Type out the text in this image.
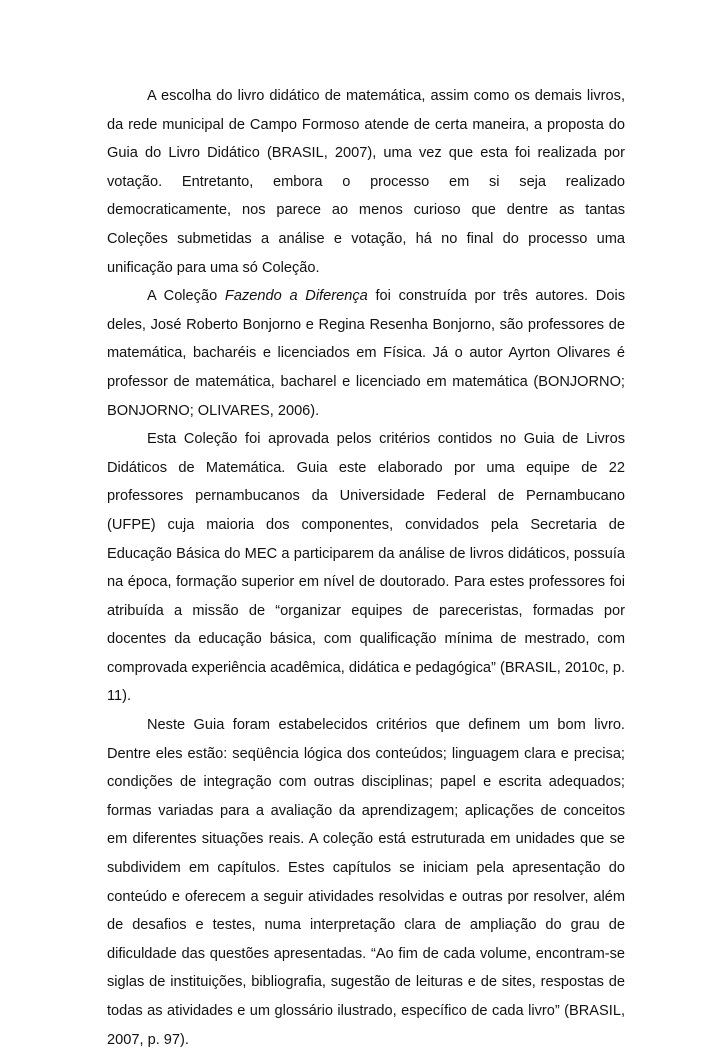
A escolha do livro didático de matemática, assim como os demais livros, da rede municipal de Campo Formoso atende de certa maneira, a proposta do Guia do Livro Didático (BRASIL, 2007), uma vez que esta foi realizada por votação. Entretanto, embora o processo em si seja realizado democraticamente, nos parece ao menos curioso que dentre as tantas Coleções submetidas a análise e votação, há no final do processo uma unificação para uma só Coleção.

A Coleção Fazendo a Diferença foi construída por três autores. Dois deles, José Roberto Bonjorno e Regina Resenha Bonjorno, são professores de matemática, bacharéis e licenciados em Física. Já o autor Ayrton Olivares é professor de matemática, bacharel e licenciado em matemática (BONJORNO; BONJORNO; OLIVARES, 2006).

Esta Coleção foi aprovada pelos critérios contidos no Guia de Livros Didáticos de Matemática. Guia este elaborado por uma equipe de 22 professores pernambucanos da Universidade Federal de Pernambucano (UFPE) cuja maioria dos componentes, convidados pela Secretaria de Educação Básica do MEC a participarem da análise de livros didáticos, possuía na época, formação superior em nível de doutorado. Para estes professores foi atribuída a missão de “organizar equipes de pareceristas, formadas por docentes da educação básica, com qualificação mínima de mestrado, com comprovada experiência acadêmica, didática e pedagógica” (BRASIL, 2010c, p. 11).

Neste Guia foram estabelecidos critérios que definem um bom livro. Dentre eles estão: seqüência lógica dos conteúdos; linguagem clara e precisa; condições de integração com outras disciplinas; papel e escrita adequados; formas variadas para a avaliação da aprendizagem; aplicações de conceitos em diferentes situações reais. A coleção está estruturada em unidades que se subdividem em capítulos. Estes capítulos se iniciam pela apresentação do conteúdo e oferecem a seguir atividades resolvidas e outras por resolver, além de desafios e testes, numa interpretação clara de ampliação do grau de dificuldade das questões apresentadas. “Ao fim de cada volume, encontram-se siglas de instituições, bibliografia, sugestão de leituras e de sites, respostas de todas as atividades e um glossário ilustrado, específico de cada livro” (BRASIL, 2007, p. 97).
